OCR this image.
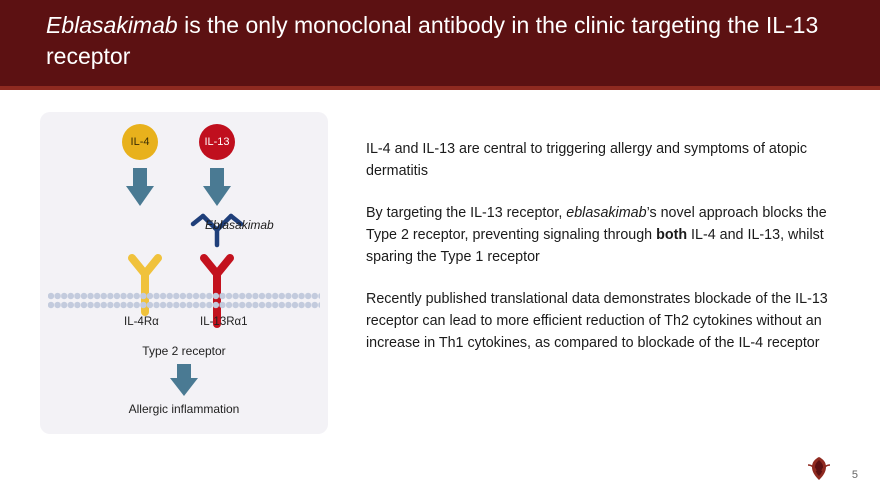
Eblasakimab is the only monoclonal antibody in the clinic targeting the IL-13 receptor
IL-4	IL-13
Eblasakimab
IL-4Rα	IL-13Rα1
Type 2 receptor
Allergic inflammation
IL-4 and IL-13 are central to triggering allergy and symptoms of atopic dermatitis
By targeting the IL-13 receptor, eblasakimab’s novel approach blocks the Type 2 receptor, preventing signaling through both IL-4 and IL-13, whilst sparing the Type 1 receptor
Recently published translational data demonstrates blockade of the IL-13 receptor can lead to more efficient reduction of Th2 cytokines without an increase in Th1 cytokines, as compared to blockade of the IL-4 receptor
5
